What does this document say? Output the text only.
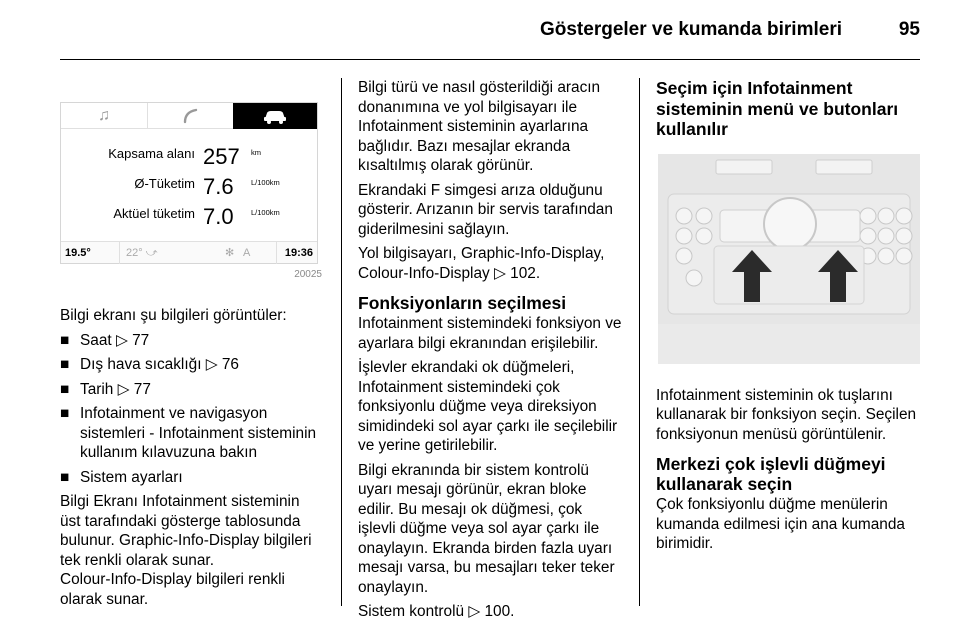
Göstergeler ve kumanda birimleri	95
♫
Kapsama alanı 257 km
Ø-Tüketim 7.6 L/100km
Aktüel tüketim 7.0 L/100km
19.5°	22° ⤻	✻ A	19:36
20025

Bilgi ekranı şu bilgileri görüntüler:

■ Saat ▷ 77
■ Dış hava sıcaklığı ▷ 76
■ Tarih ▷ 77
■ Infotainment ve navigasyon sistemleri - Infotainment sisteminin kullanım kılavuzuna bakın
■ Sistem ayarları

Bilgi Ekranı Infotainment sisteminin üst tarafındaki gösterge tablosunda bulunur. Graphic-Info-Display bilgileri tek renkli olarak sunar.

Colour-Info-Display bilgileri renkli olarak sunar.

Bilgi türü ve nasıl gösterildiği aracın donanımına ve yol bilgisayarı ile Infotainment sisteminin ayarlarına bağlıdır. Bazı mesajlar ekranda kısaltılmış olarak görünür.

Ekrandaki F simgesi arıza olduğunu gösterir. Arızanın bir servis tarafından giderilmesini sağlayın.

Yol bilgisayarı, Graphic-Info-Display, Colour-Info-Display ▷ 102.

Fonksiyonların seçilmesi

Infotainment sistemindeki fonksiyon ve ayarlara bilgi ekranından erişilebilir.

İşlevler ekrandaki ok düğmeleri, Infotainment sistemindeki çok fonksiyonlu düğme veya direksiyon simidindeki sol ayar çarkı ile seçilebilir ve yerine getirilebilir.

Bilgi ekranında bir sistem kontrolü uyarı mesajı görünür, ekran bloke edilir. Bu mesajı ok düğmesi, çok işlevli düğme veya sol ayar çarkı ile onaylayın. Ekranda birden fazla uyarı mesajı varsa, bu mesajları teker teker onaylayın.

Sistem kontrolü ▷ 100.

Seçim için Infotainment sisteminin menü ve butonları kullanılır

Infotainment sisteminin ok tuşlarını kullanarak bir fonksiyon seçin. Seçilen fonksiyonun menüsü görüntülenir.

Merkezi çok işlevli düğmeyi kullanarak seçin

Çok fonksiyonlu düğme menülerin kumanda edilmesi için ana kumanda birimidir.
